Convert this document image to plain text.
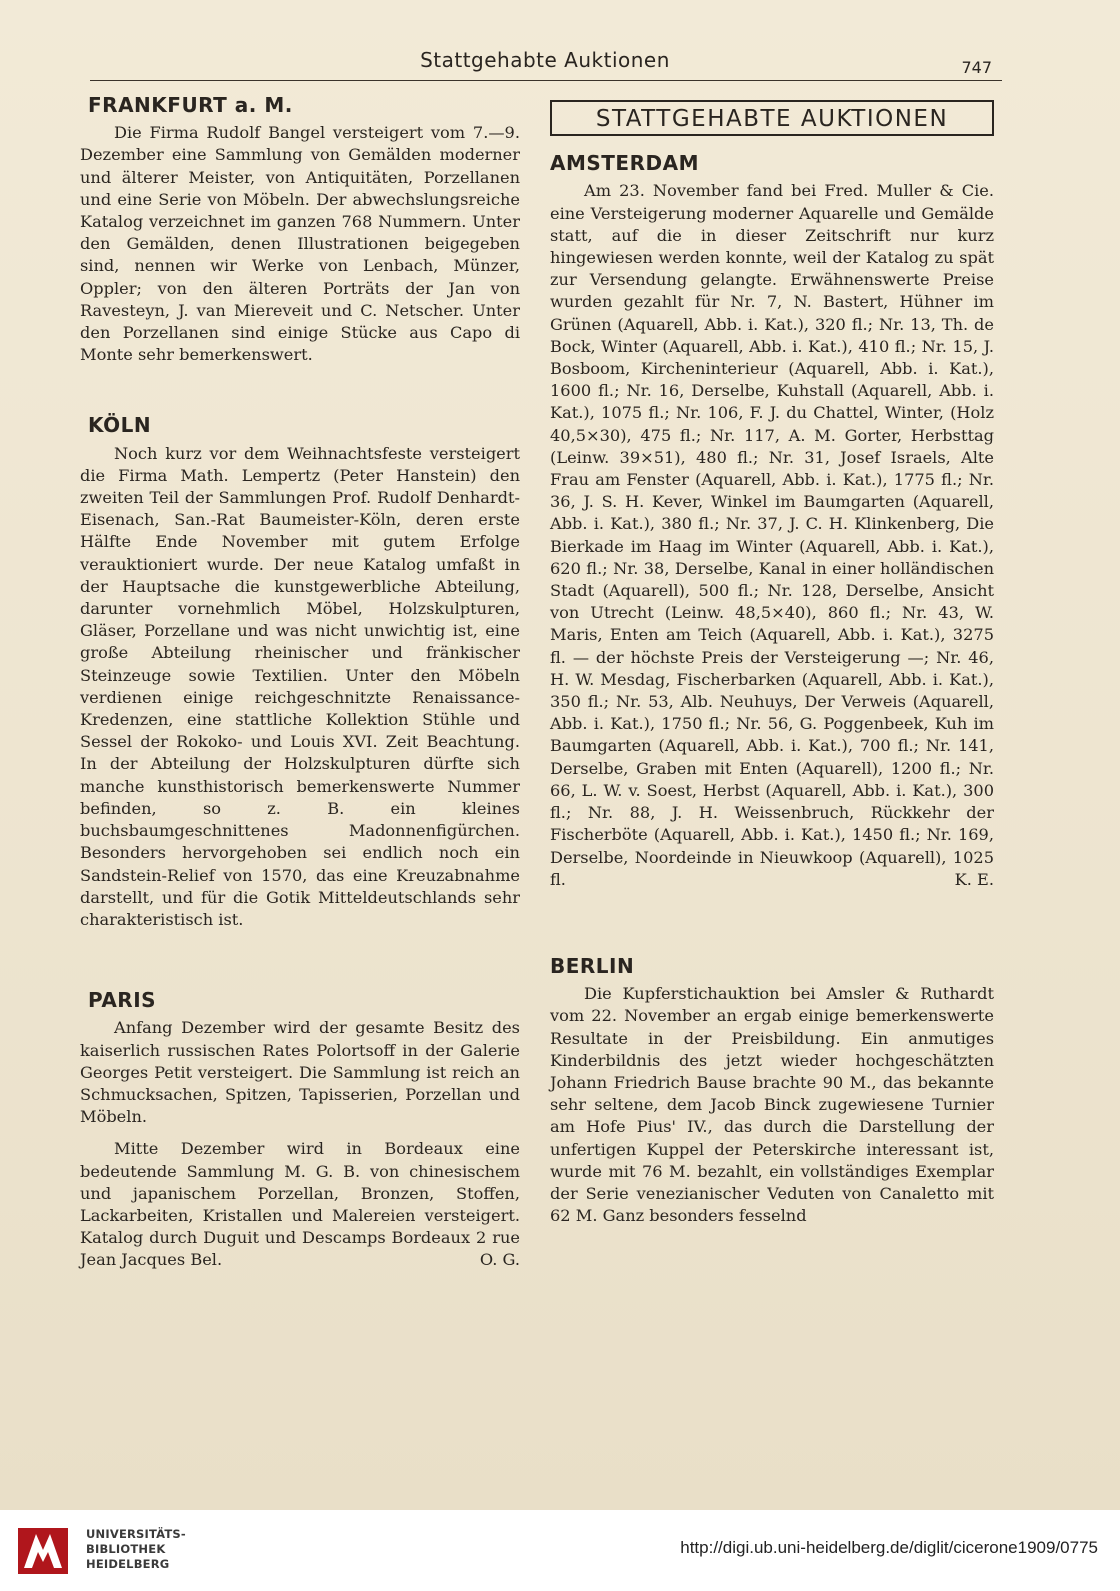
Stattgehabte Auktionen	747
FRANKFURT a. M.

Die Firma Rudolf Bangel versteigert vom 7.—9. Dezember eine Sammlung von Gemälden moderner und älterer Meister, von Antiquitäten, Porzellanen und eine Serie von Möbeln. Der abwechslungsreiche Katalog verzeichnet im ganzen 768 Nummern. Unter den Gemälden, denen Illustrationen beigegeben sind, nennen wir Werke von Lenbach, Münzer, Oppler; von den älteren Porträts der Jan von Ravesteyn, J. van Miereveit und C. Netscher. Unter den Porzellanen sind einige Stücke aus Capo di Monte sehr bemerkenswert.

KÖLN

Noch kurz vor dem Weihnachtsfeste versteigert die Firma Math. Lempertz (Peter Hanstein) den zweiten Teil der Sammlungen Prof. Rudolf Denhardt-Eisenach, San.-Rat Baumeister-Köln, deren erste Hälfte Ende November mit gutem Erfolge verauktioniert wurde. Der neue Katalog umfaßt in der Hauptsache die kunstgewerbliche Abteilung, darunter vornehmlich Möbel, Holzskulpturen, Gläser, Porzellane und was nicht unwichtig ist, eine große Abteilung rheinischer und fränkischer Steinzeuge sowie Textilien. Unter den Möbeln verdienen einige reichgeschnitzte Renaissance-Kredenzen, eine stattliche Kollektion Stühle und Sessel der Rokoko- und Louis XVI. Zeit Beachtung. In der Abteilung der Holzskulpturen dürfte sich manche kunsthistorisch bemerkenswerte Nummer befinden, so z. B. ein kleines buchsbaumgeschnittenes Madonnenfigürchen. Besonders hervorgehoben sei endlich noch ein Sandstein-Relief von 1570, das eine Kreuzabnahme darstellt, und für die Gotik Mitteldeutschlands sehr charakteristisch ist.

PARIS

Anfang Dezember wird der gesamte Besitz des kaiserlich russischen Rates Polortsoff in der Galerie Georges Petit versteigert. Die Sammlung ist reich an Schmucksachen, Spitzen, Tapisserien, Porzellan und Möbeln.

Mitte Dezember wird in Bordeaux eine bedeutende Sammlung M. G. B. von chinesischem und japanischem Porzellan, Bronzen, Stoffen, Lackarbeiten, Kristallen und Malereien versteigert. Katalog durch Duguit und Descamps Bordeaux 2 rue Jean Jacques Bel.	O. G.

STATTGEHABTE AUKTIONEN
AMSTERDAM

Am 23. November fand bei Fred. Muller & Cie. eine Versteigerung moderner Aquarelle und Gemälde statt, auf die in dieser Zeitschrift nur kurz hingewiesen werden konnte, weil der Katalog zu spät zur Versendung gelangte. Erwähnenswerte Preise wurden gezahlt für Nr. 7, N. Bastert, Hühner im Grünen (Aquarell, Abb. i. Kat.), 320 fl.; Nr. 13, Th. de Bock, Winter (Aquarell, Abb. i. Kat.), 410 fl.; Nr. 15, J. Bosboom, Kircheninterieur (Aquarell, Abb. i. Kat.), 1600 fl.; Nr. 16, Derselbe, Kuhstall (Aquarell, Abb. i. Kat.), 1075 fl.; Nr. 106, F. J. du Chattel, Winter, (Holz 40,5×30), 475 fl.; Nr. 117, A. M. Gorter, Herbsttag (Leinw. 39×51), 480 fl.; Nr. 31, Josef Israels, Alte Frau am Fenster (Aquarell, Abb. i. Kat.), 1775 fl.; Nr. 36, J. S. H. Kever, Winkel im Baumgarten (Aquarell, Abb. i. Kat.), 380 fl.; Nr. 37, J. C. H. Klinkenberg, Die Bierkade im Haag im Winter (Aquarell, Abb. i. Kat.), 620 fl.; Nr. 38, Derselbe, Kanal in einer holländischen Stadt (Aquarell), 500 fl.; Nr. 128, Derselbe, Ansicht von Utrecht (Leinw. 48,5×40), 860 fl.; Nr. 43, W. Maris, Enten am Teich (Aquarell, Abb. i. Kat.), 3275 fl. — der höchste Preis der Versteigerung —; Nr. 46, H. W. Mesdag, Fischerbarken (Aquarell, Abb. i. Kat.), 350 fl.; Nr. 53, Alb. Neuhuys, Der Verweis (Aquarell, Abb. i. Kat.), 1750 fl.; Nr. 56, G. Poggenbeek, Kuh im Baumgarten (Aquarell, Abb. i. Kat.), 700 fl.; Nr. 141, Derselbe, Graben mit Enten (Aquarell), 1200 fl.; Nr. 66, L. W. v. Soest, Herbst (Aquarell, Abb. i. Kat.), 300 fl.; Nr. 88, J. H. Weissenbruch, Rückkehr der Fischerböte (Aquarell, Abb. i. Kat.), 1450 fl.; Nr. 169, Derselbe, Noordeinde in Nieuwkoop (Aquarell), 1025 fl.	K. E.

BERLIN

Die Kupferstichauktion bei Amsler & Ruthardt vom 22. November an ergab einige bemerkenswerte Resultate in der Preisbildung. Ein anmutiges Kinderbildnis des jetzt wieder hochgeschätzten Johann Friedrich Bause brachte 90 M., das bekannte sehr seltene, dem Jacob Binck zugewiesene Turnier am Hofe Pius' IV., das durch die Darstellung der unfertigen Kuppel der Peterskirche interessant ist, wurde mit 76 M. bezahlt, ein vollständiges Exemplar der Serie venezianischer Veduten von Canaletto mit 62 M. Ganz besonders fesselnd

UNIVERSITÄTS-
BIBLIOTHEK
HEIDELBERG
http://digi.ub.uni-heidelberg.de/diglit/cicerone1909/0775
